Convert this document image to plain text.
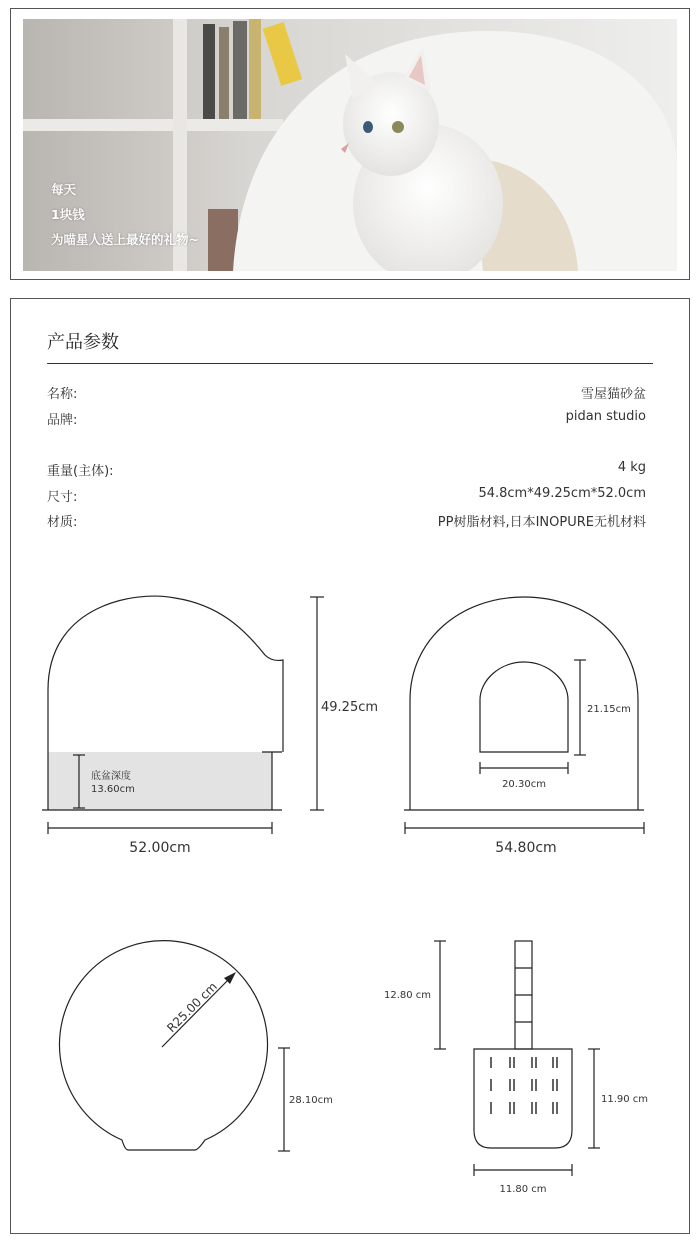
每天
1块钱
为喵星人送上最好的礼物~
产品参数
名称:	雪屋猫砂盆
品牌:	pidan studio
重量(主体):	4 kg
尺寸:	54.8cm*49.25cm*52.0cm
材质:	PP树脂材料,日本INOPURE无机材料
49.25cm
底盆深度
13.60cm
52.00cm
21.15cm
20.30cm
54.80cm
R25.00 cm
28.10cm
12.80 cm
11.90 cm
11.80 cm
